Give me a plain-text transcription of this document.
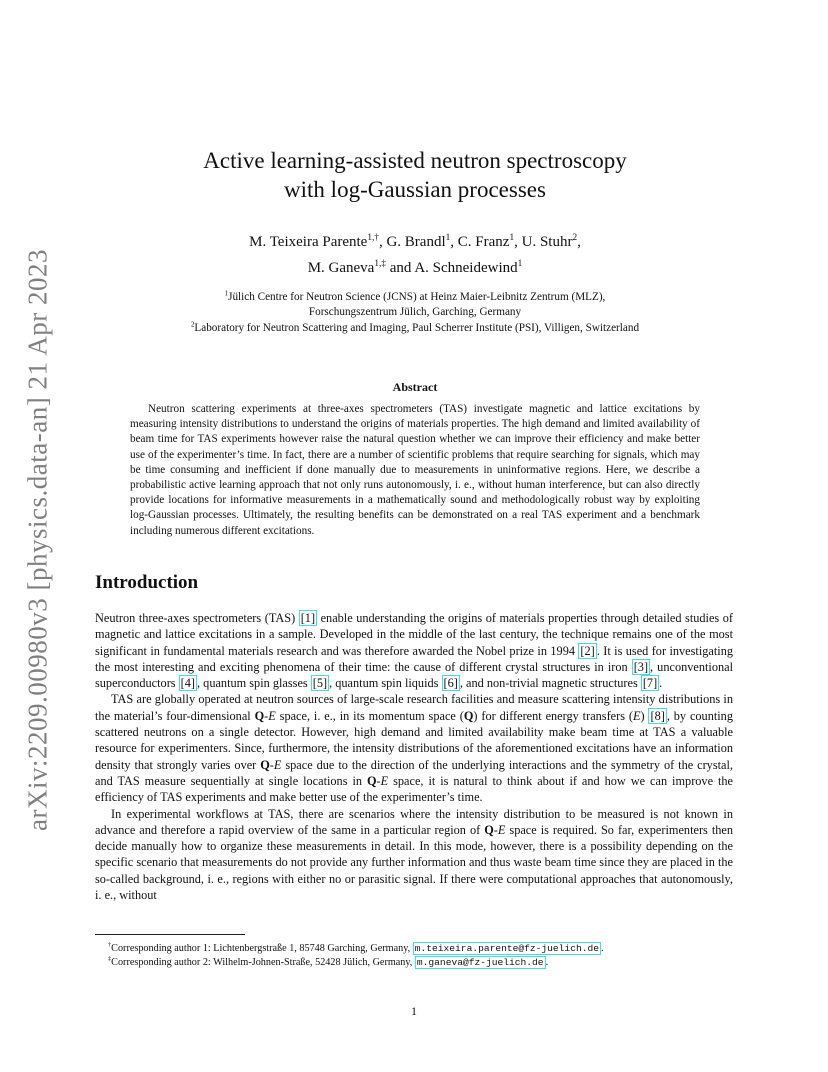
arXiv:2209.00980v3 [physics.data-an] 21 Apr 2023
Active learning-assisted neutron spectroscopy
with log-Gaussian processes
M. Teixeira Parente$^{1,\dagger}$, G. Brandl$^1$, C. Franz$^1$, U. Stuhr$^2$,
M. Ganeva$^{1,\ddagger}$ and A. Schneidewind$^1$
$^1$Jülich Centre for Neutron Science (JCNS) at Heinz Maier-Leibnitz Zentrum (MLZ),
Forschungszentrum Jülich, Garching, Germany
$^2$Laboratory for Neutron Scattering and Imaging, Paul Scherrer Institute (PSI), Villigen, Switzerland
Abstract

Neutron scattering experiments at three-axes spectrometers (TAS) investigate magnetic and lattice excitations by measuring intensity distributions to understand the origins of materials properties. The high demand and limited availability of beam time for TAS experiments however raise the natural question whether we can improve their efficiency and make better use of the experimenter’s time. In fact, there are a number of scientific problems that require searching for signals, which may be time consuming and inefficient if done manually due to measurements in uninformative regions. Here, we describe a probabilistic active learning approach that not only runs autonomously, i. e., without human interference, but can also directly provide locations for informative measurements in a mathematically sound and methodologically robust way by exploiting log-Gaussian processes. Ultimately, the resulting benefits can be demonstrated on a real TAS experiment and a benchmark including numerous different excitations.

Introduction

Neutron three-axes spectrometers (TAS) [1] enable understanding the origins of materials properties through detailed studies of magnetic and lattice excitations in a sample. Developed in the middle of the last century, the technique remains one of the most significant in fundamental materials research and was therefore awarded the Nobel prize in 1994 [2] . It is used for investigating the most interesting and exciting phenomena of their time: the cause of different crystal structures in iron [3] , unconventional superconductors [4] , quantum spin glasses [5] , quantum spin liquids [6] , and non-trivial magnetic structures [7] .

TAS are globally operated at neutron sources of large-scale research facilities and measure scattering intensity distributions in the material’s four-dimensional Q-E space, i. e., in its momentum space (Q) for different energy transfers (E) [8] , by counting scattered neutrons on a single detector. However, high demand and limited availability make beam time at TAS a valuable resource for experimenters. Since, furthermore, the intensity distributions of the aforementioned excitations have an information density that strongly varies over Q-E space due to the direction of the underlying interactions and the symmetry of the crystal, and TAS measure sequentially at single locations in Q-E space, it is natural to think about if and how we can improve the efficiency of TAS experiments and make better use of the experimenter’s time.

In experimental workflows at TAS, there are scenarios where the intensity distribution to be measured is not known in advance and therefore a rapid overview of the same in a particular region of Q-E space is required. So far, experimenters then decide manually how to organize these measurements in detail. In this mode, however, there is a possibility depending on the specific scenario that measurements do not provide any further information and thus waste beam time since they are placed in the so-called background, i. e., regions with either no or parasitic signal. If there were computational approaches that autonomously, i. e., without

†Corresponding author 1: Lichtenbergstraße 1, 85748 Garching, Germany, m.teixeira.parente@fz-juelich.de .
‡Corresponding author 2: Wilhelm-Johnen-Straße, 52428 Jülich, Germany, m.ganeva@fz-juelich.de .
1
